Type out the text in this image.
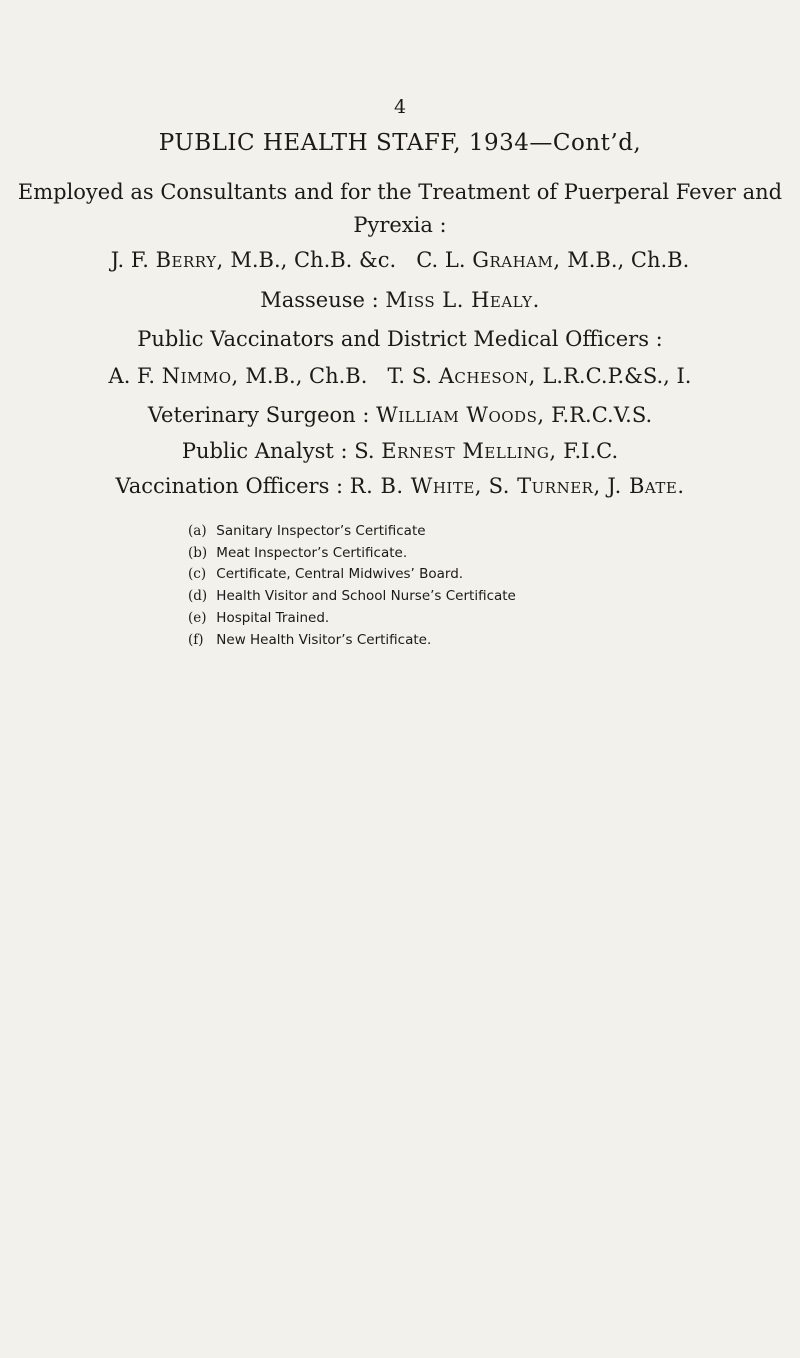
4
PUBLIC HEALTH STAFF, 1934—Cont’d,
Employed as Consultants and for the Treatment of Puerperal Fever and
Pyrexia :
J. F. Berry, M.B., Ch.B. &c. C. L. Graham, M.B., Ch.B.
Masseuse : Miss L. Healy.
Public Vaccinators and District Medical Officers :
A. F. Nimmo, M.B., Ch.B. T. S. Acheson, L.R.C.P.&S., I.
Veterinary Surgeon : William Woods, F.R.C.V.S.
Public Analyst : S. Ernest Melling, F.I.C.
Vaccination Officers : R. B. White, S. Turner, J. Bate.
(a) Sanitary Inspector’s Certificate
(b) Meat Inspector’s Certificate.
(c) Certificate, Central Midwives’ Board.
(d) Health Visitor and School Nurse’s Certificate
(e) Hospital Trained.
(f) New Health Visitor’s Certificate.
